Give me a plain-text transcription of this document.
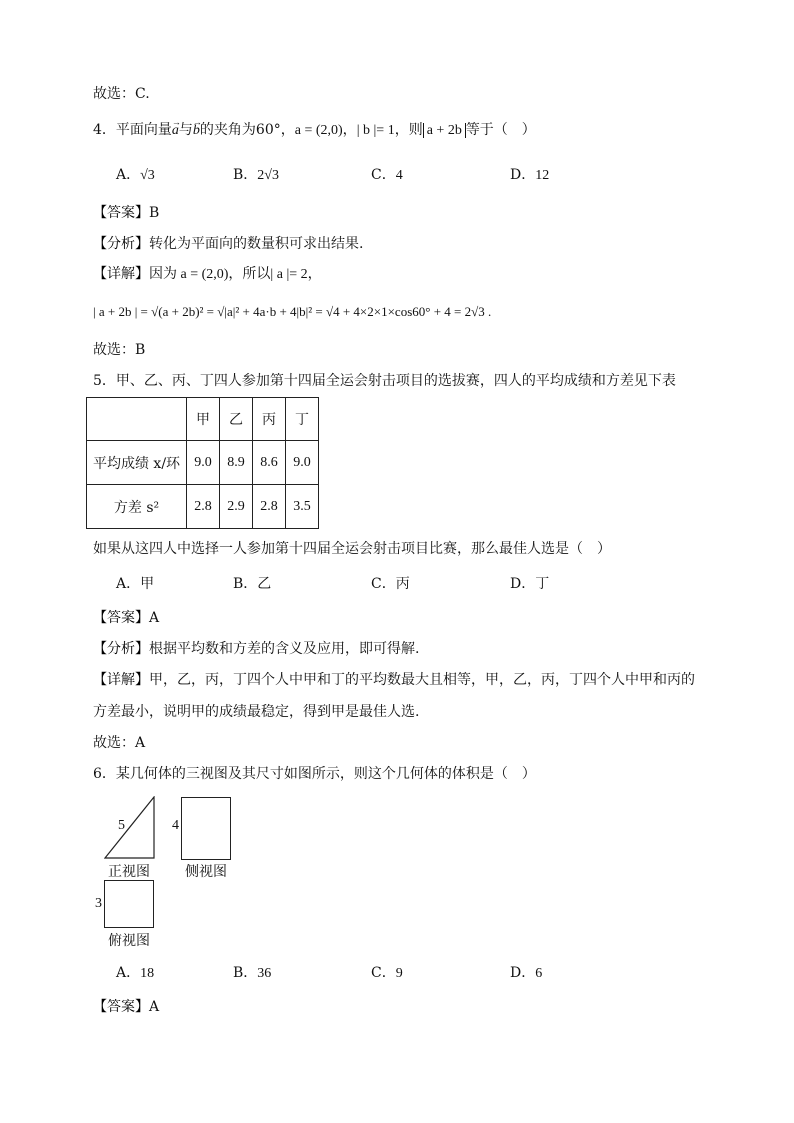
故选：C.
4．平面向量→ a与→ b的夹角为60°，a = (2,0)，| b |= 1，则 a + 2b 等于（　）
A．√3	B．2√3	C．4	D．12
【答案】B
【分析】转化为平面向的数量积可求出结果.
【详解】因为 a = (2,0)，所以| a |= 2，
| a + 2b | = √(a + 2b)² = √|a|² + 4a·b + 4|b|² = √4 + 4×2×1×cos60° + 4 = 2√3 .
故选：B
5．甲、乙、丙、丁四人参加第十四届全运会射击项目的选拔赛，四人的平均成绩和方差见下表
	甲	乙	丙	丁
平均成绩 x/环	9.0	8.9	8.6	9.0
方差 s²	2.8	2.9	2.8	3.5
如果从这四人中选择一人参加第十四届全运会射击项目比赛，那么最佳人选是（　）
A．甲	B．乙	C．丙	D．丁
【答案】A
【分析】根据平均数和方差的含义及应用，即可得解.
【详解】甲，乙，丙，丁四个人中甲和丁的平均数最大且相等，甲，乙，丙，丁四个人中甲和丙的
方差最小，说明甲的成绩最稳定，得到甲是最佳人选.
故选：A
6．某几何体的三视图及其尺寸如图所示，则这个几何体的体积是（　）
5
正视图
4
侧视图
3
俯视图
A．18	B．36	C．9	D．6
【答案】A
